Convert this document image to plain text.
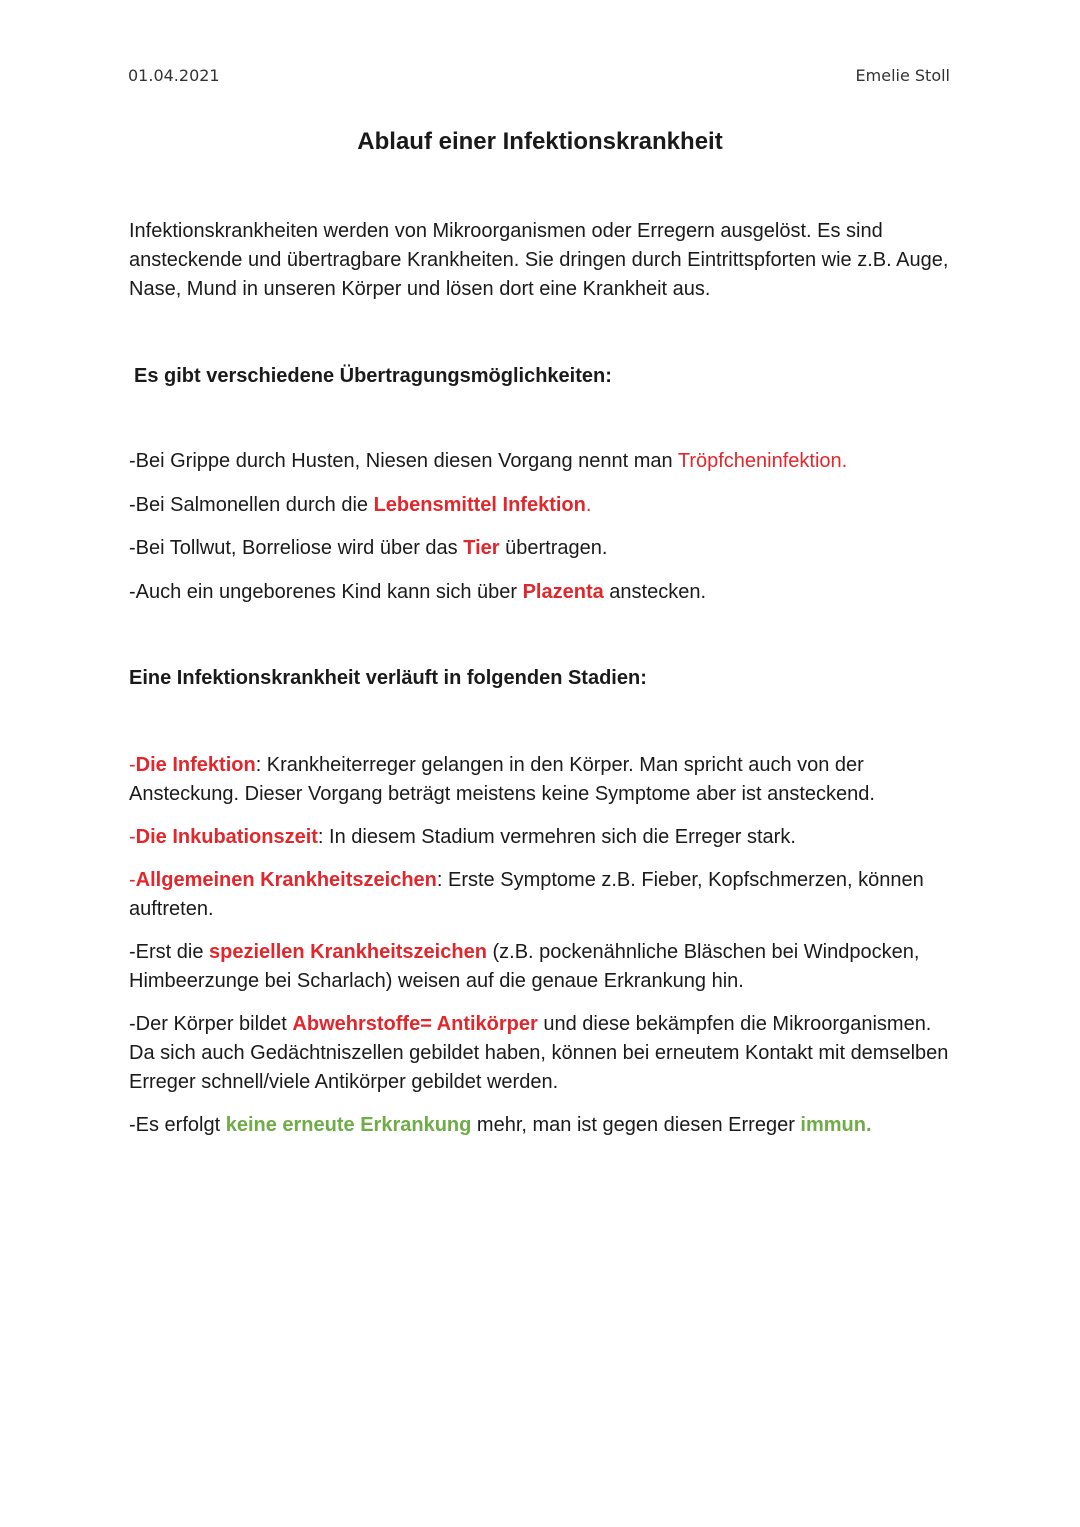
01.04.2021	Emelie Stoll
Ablauf einer Infektionskrankheit

Infektionskrankheiten werden von Mikroorganismen oder Erregern ausgelöst. Es sind ansteckende und übertragbare Krankheiten. Sie dringen durch Eintrittspforten wie z.B. Auge, Nase, Mund in unseren Körper und lösen dort eine Krankheit aus.

Es gibt verschiedene Übertragungsmöglichkeiten:

-Bei Grippe durch Husten, Niesen diesen Vorgang nennt man Tröpfcheninfektion.

-Bei Salmonellen durch die Lebensmittel Infektion.

-Bei Tollwut, Borreliose wird über das Tier übertragen.

-Auch ein ungeborenes Kind kann sich über Plazenta anstecken.

Eine Infektionskrankheit verläuft in folgenden Stadien:

-Die Infektion: Krankheiterreger gelangen in den Körper. Man spricht auch von der Ansteckung. Dieser Vorgang beträgt meistens keine Symptome aber ist ansteckend.

-Die Inkubationszeit: In diesem Stadium vermehren sich die Erreger stark.

-Allgemeinen Krankheitszeichen: Erste Symptome z.B. Fieber, Kopfschmerzen, können auftreten.

-Erst die speziellen Krankheitszeichen (z.B. pockenähnliche Bläschen bei Windpocken, Himbeerzunge bei Scharlach) weisen auf die genaue Erkrankung hin.

-Der Körper bildet Abwehrstoffe= Antikörper und diese bekämpfen die Mikroorganismen. Da sich auch Gedächtniszellen gebildet haben, können bei erneutem Kontakt mit demselben Erreger schnell/viele Antikörper gebildet werden.

-Es erfolgt keine erneute Erkrankung mehr, man ist gegen diesen Erreger immun.
